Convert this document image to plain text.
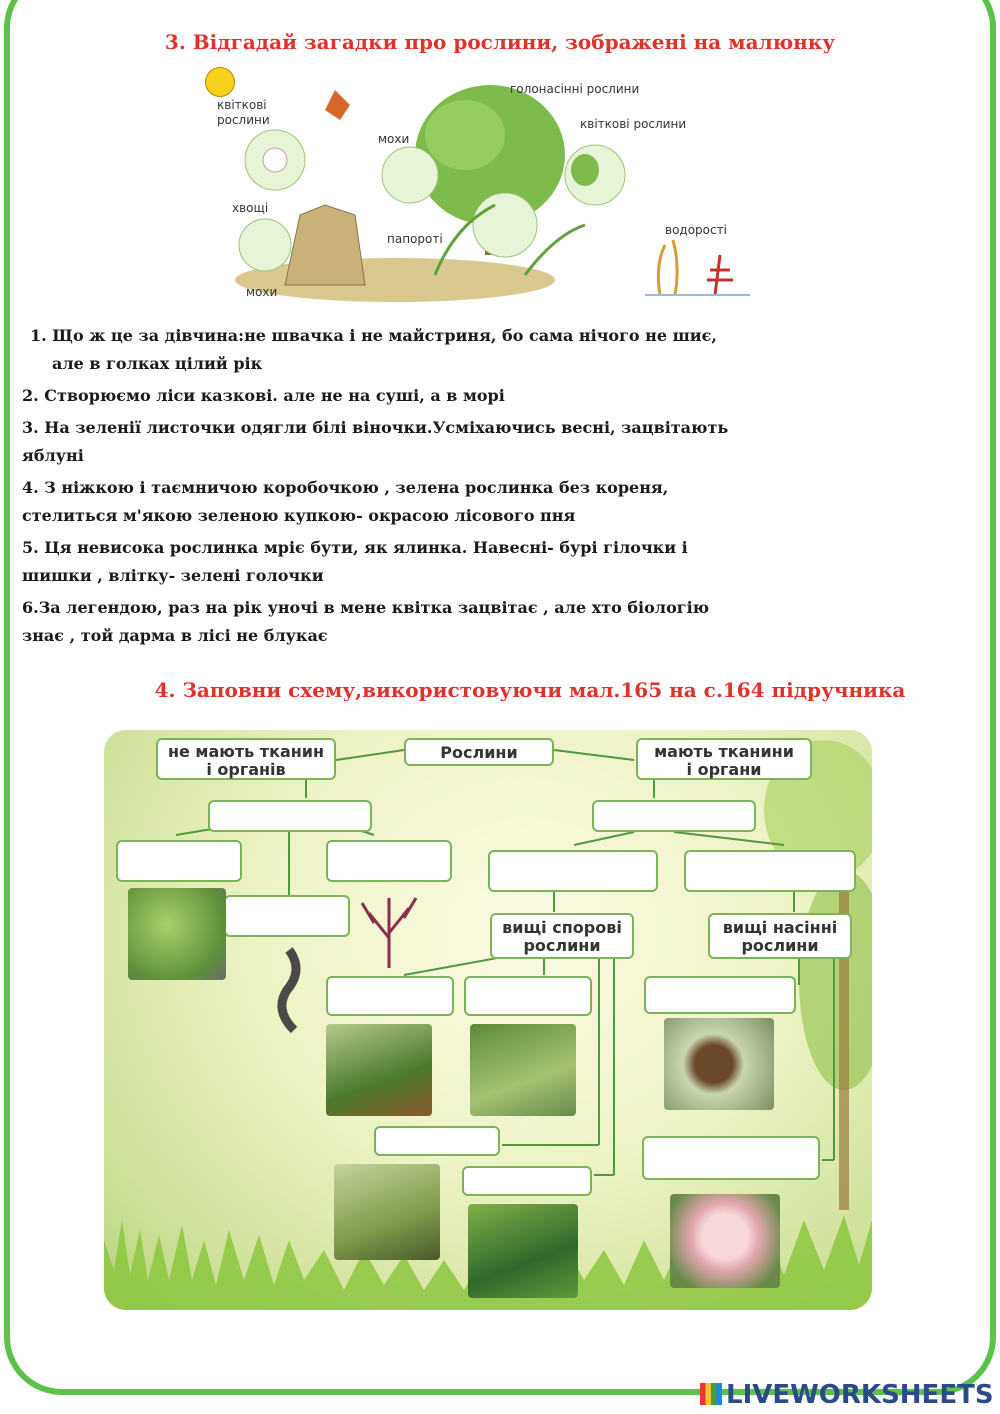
3. Відгадай загадки про рослини, зображені на малюнку
квіткові
рослини
голонасінні рослини
мохи
квіткові рослини
хвощі
папороті
водорості
мохи
1. Що ж це за дівчина:не швачка і не майстриня, бо сама нічого не шиє, але в голках цілий рік
2. Створюємо ліси казкові. але не на суші, а в морі
3. На зеленії листочки одягли білі віночки.Усміхаючись весні, зацвітають яблуні
4. З ніжкою і таємничою коробочкою , зелена рослинка без кореня, стелиться м'якою зеленою купкою- окрасою лісового пня
5. Ця невисока рослинка мріє бути, як ялинка. Навесні- бурі гілочки і шишки , влітку- зелені голочки
6.За легендою, раз на рік уночі в мене квітка зацвітає , але хто біологію знає , той дарма в лісі не блукає
4. Заповни схему,використовуючи мал.165 на с.164 підручника
не мають тканин
і органів
Рослини	мають тканини
і органи
вищі спорові
рослини
вищі насінні
рослини
LIVEWORKSHEETS
